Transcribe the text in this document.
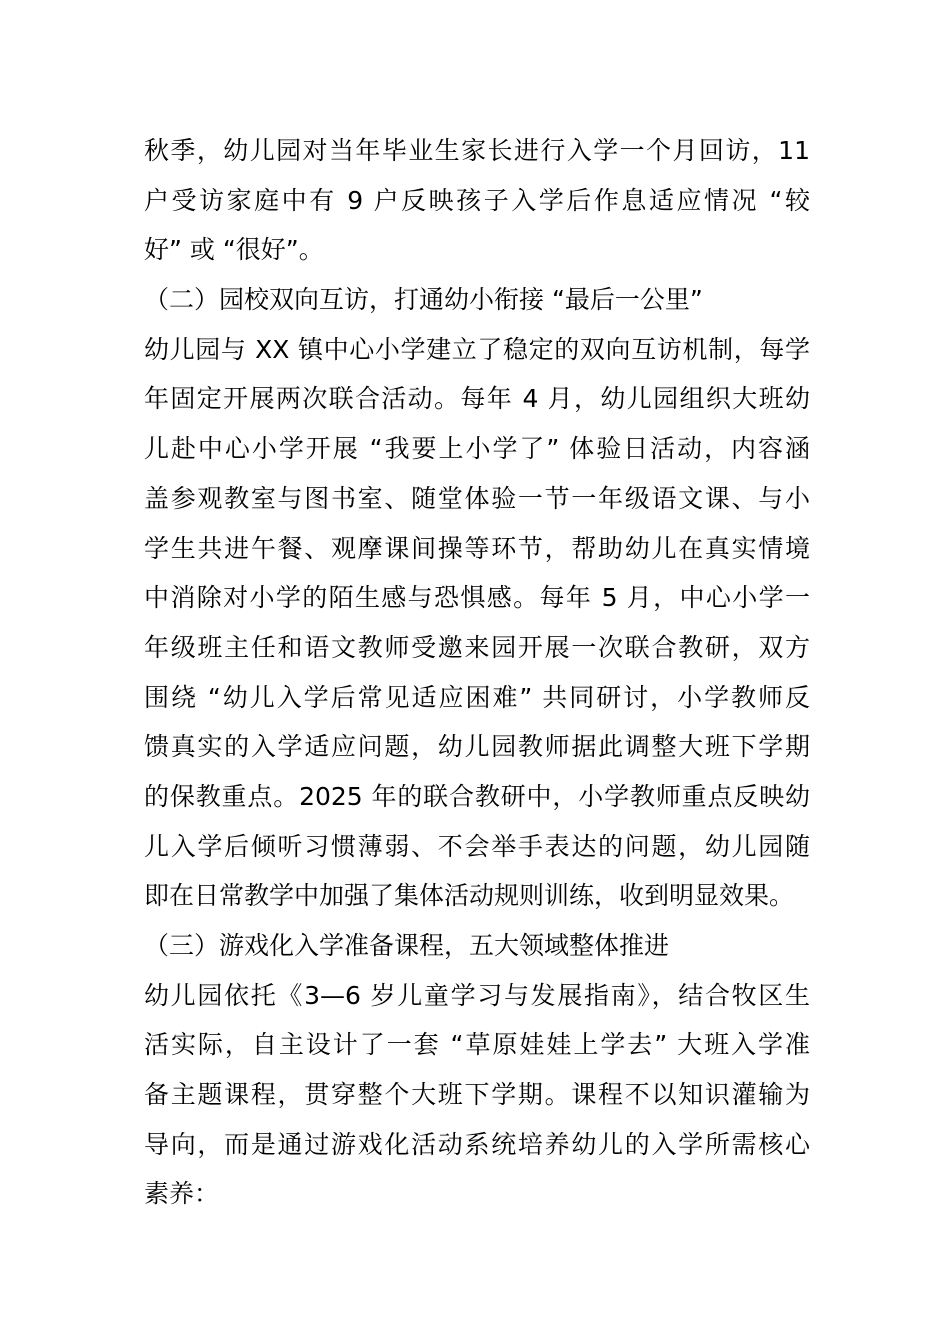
秋季，幼儿园对当年毕业生家长进行入学一个月回访，11
户受访家庭中有 9 户反映孩子入学后作息适应情况 “较
好” 或 “很好”。
（二）园校双向互访，打通幼小衔接 “最后一公里”
幼儿园与 XX 镇中心小学建立了稳定的双向互访机制，每学
年固定开展两次联合活动。每年 4 月，幼儿园组织大班幼
儿赴中心小学开展 “我要上小学了” 体验日活动，内容涵
盖参观教室与图书室、随堂体验一节一年级语文课、与小
学生共进午餐、观摩课间操等环节，帮助幼儿在真实情境
中消除对小学的陌生感与恐惧感。每年 5 月，中心小学一
年级班主任和语文教师受邀来园开展一次联合教研，双方
围绕 “幼儿入学后常见适应困难” 共同研讨，小学教师反
馈真实的入学适应问题，幼儿园教师据此调整大班下学期
的保教重点。2025 年的联合教研中，小学教师重点反映幼
儿入学后倾听习惯薄弱、不会举手表达的问题，幼儿园随
即在日常教学中加强了集体活动规则训练，收到明显效果。
（三）游戏化入学准备课程，五大领域整体推进
幼儿园依托《3—6 岁儿童学习与发展指南》，结合牧区生
活实际，自主设计了一套 “草原娃娃上学去” 大班入学准
备主题课程，贯穿整个大班下学期。课程不以知识灌输为
导向，而是通过游戏化活动系统培养幼儿的入学所需核心
素养：
